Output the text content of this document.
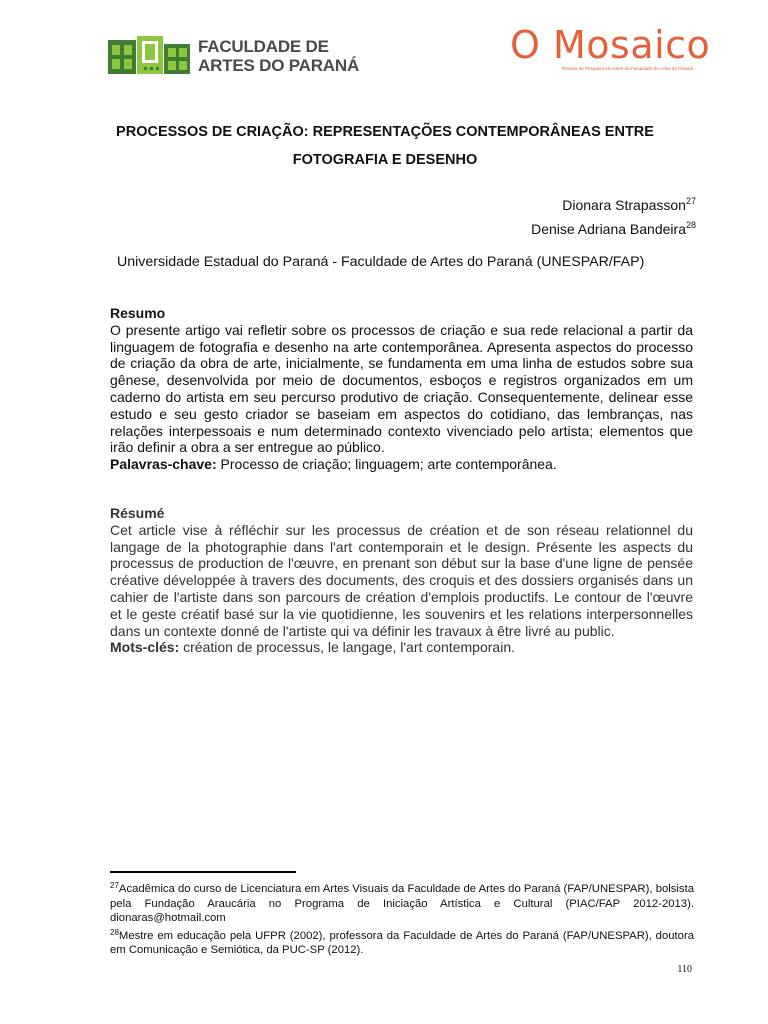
FACULDADE DE
ARTES DO PARANÁ	O Mosaico
Revista de Pesquisa em Artes da Faculdade de Artes do Paraná
PROCESSOS DE CRIAÇÃO: REPRESENTAÇÕES CONTEMPORÂNEAS ENTRE
FOTOGRAFIA E DESENHO
Dionara Strapasson$^{27}$
Denise Adriana Bandeira$^{28}$
Universidade Estadual do Paraná - Faculdade de Artes do Paraná (UNESPAR/FAP)
Resumo
O presente artigo vai refletir sobre os processos de criação e sua rede relacional a partir da linguagem de fotografia e desenho na arte contemporânea. Apresenta aspectos do processo de criação da obra de arte, inicialmente, se fundamenta em uma linha de estudos sobre sua gênese, desenvolvida por meio de documentos, esboços e registros organizados em um caderno do artista em seu percurso produtivo de criação. Consequentemente, delinear esse estudo e seu gesto criador se baseiam em aspectos do cotidiano, das lembranças, nas relações interpessoais e num determinado contexto vivenciado pelo artista; elementos que irão definir a obra a ser entregue ao público.
Palavras-chave: Processo de criação; linguagem; arte contemporânea.
Résumé
Cet article vise à réfléchir sur les processus de création et de son réseau relationnel du langage de la photographie dans l'art contemporain et le design. Présente les aspects du processus de production de l'œuvre, en prenant son début sur la base d'une ligne de pensée créative développée à travers des documents, des croquis et des dossiers organisés dans un cahier de l'artiste dans son parcours de création d'emplois productifs. Le contour de l'œuvre et le geste créatif basé sur la vie quotidienne, les souvenirs et les relations interpersonnelles dans un contexte donné de l'artiste qui va définir les travaux à être livré au public.
Mots-clés: création de processus, le langage, l'art contemporain.
$^{27}$Acadêmica do curso de Licenciatura em Artes Visuais da Faculdade de Artes do Paraná (FAP/UNESPAR), bolsista pela Fundação Araucária no Programa de Iniciação Artística e Cultural (PIAC/FAP 2012-2013). dionaras@hotmail.com
$^{28}$Mestre em educação pela UFPR (2002), professora da Faculdade de Artes do Paraná (FAP/UNESPAR), doutora em Comunicação e Semiótica, da PUC-SP (2012).
110
